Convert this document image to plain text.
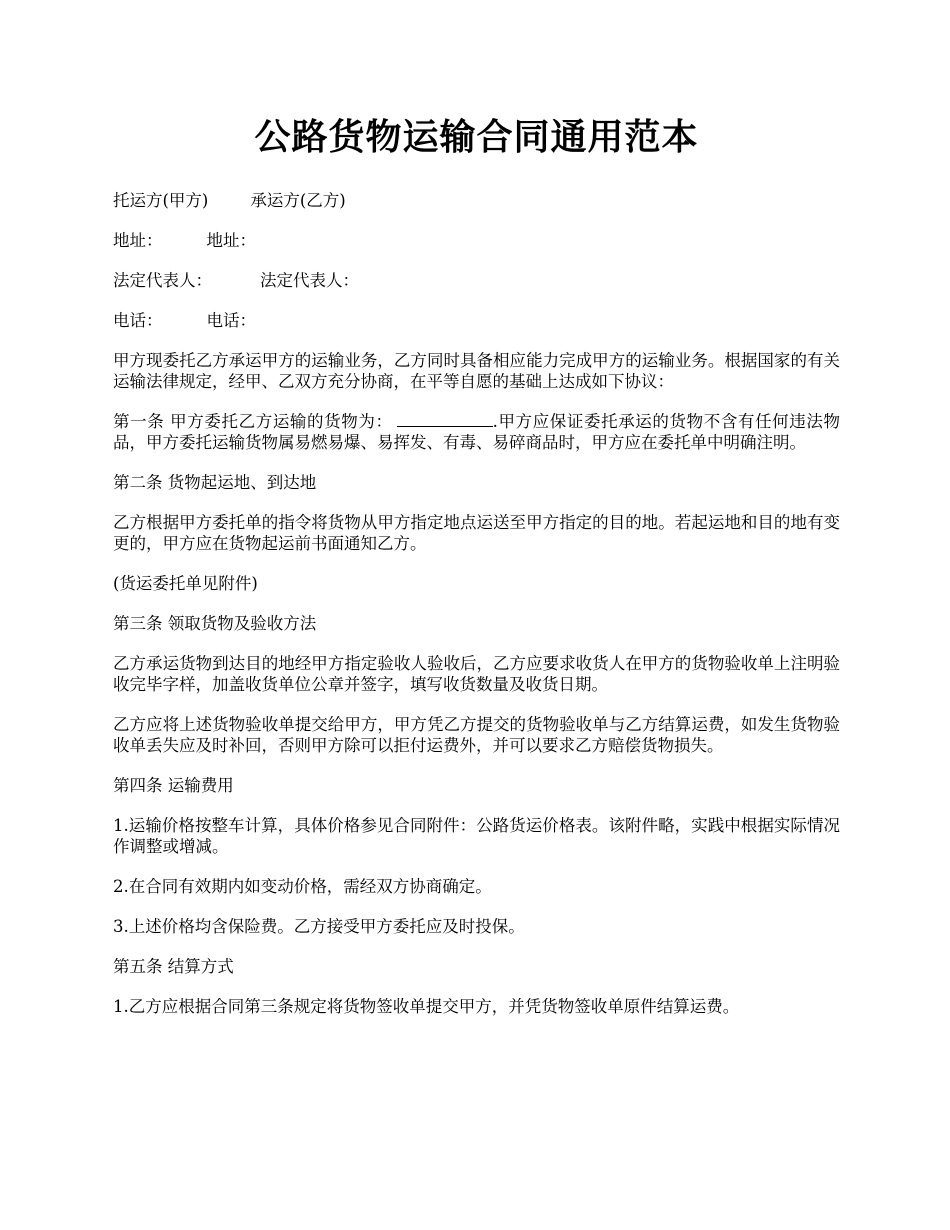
公路货物运输合同通用范本

托运方(甲方)	承运方(乙方)

地址：	地址：

法定代表人：	法定代表人：

电话：	电话：

甲方现委托乙方承运甲方的运输业务，乙方同时具备相应能力完成甲方的运输业务。根据国家的有关运输法律规定，经甲、乙双方充分协商，在平等自愿的基础上达成如下协议：

第一条 甲方委托乙方运输的货物为：	.甲方应保证委托承运的货物不含有任何违法物品，甲方委托运输货物属易燃易爆、易挥发、有毒、易碎商品时，甲方应在委托单中明确注明。

第二条 货物起运地、到达地

乙方根据甲方委托单的指令将货物从甲方指定地点运送至甲方指定的目的地。若起运地和目的地有变更的，甲方应在货物起运前书面通知乙方。

(货运委托单见附件)

第三条 领取货物及验收方法

乙方承运货物到达目的地经甲方指定验收人验收后，乙方应要求收货人在甲方的货物验收单上注明验收完毕字样，加盖收货单位公章并签字，填写收货数量及收货日期。

乙方应将上述货物验收单提交给甲方，甲方凭乙方提交的货物验收单与乙方结算运费，如发生货物验收单丢失应及时补回，否则甲方除可以拒付运费外，并可以要求乙方赔偿货物损失。

第四条 运输费用

1.运输价格按整车计算，具体价格参见合同附件：公路货运价格表。该附件略，实践中根据实际情况作调整或增减。

2.在合同有效期内如变动价格，需经双方协商确定。

3.上述价格均含保险费。乙方接受甲方委托应及时投保。

第五条 结算方式

1.乙方应根据合同第三条规定将货物签收单提交甲方，并凭货物签收单原件结算运费。
